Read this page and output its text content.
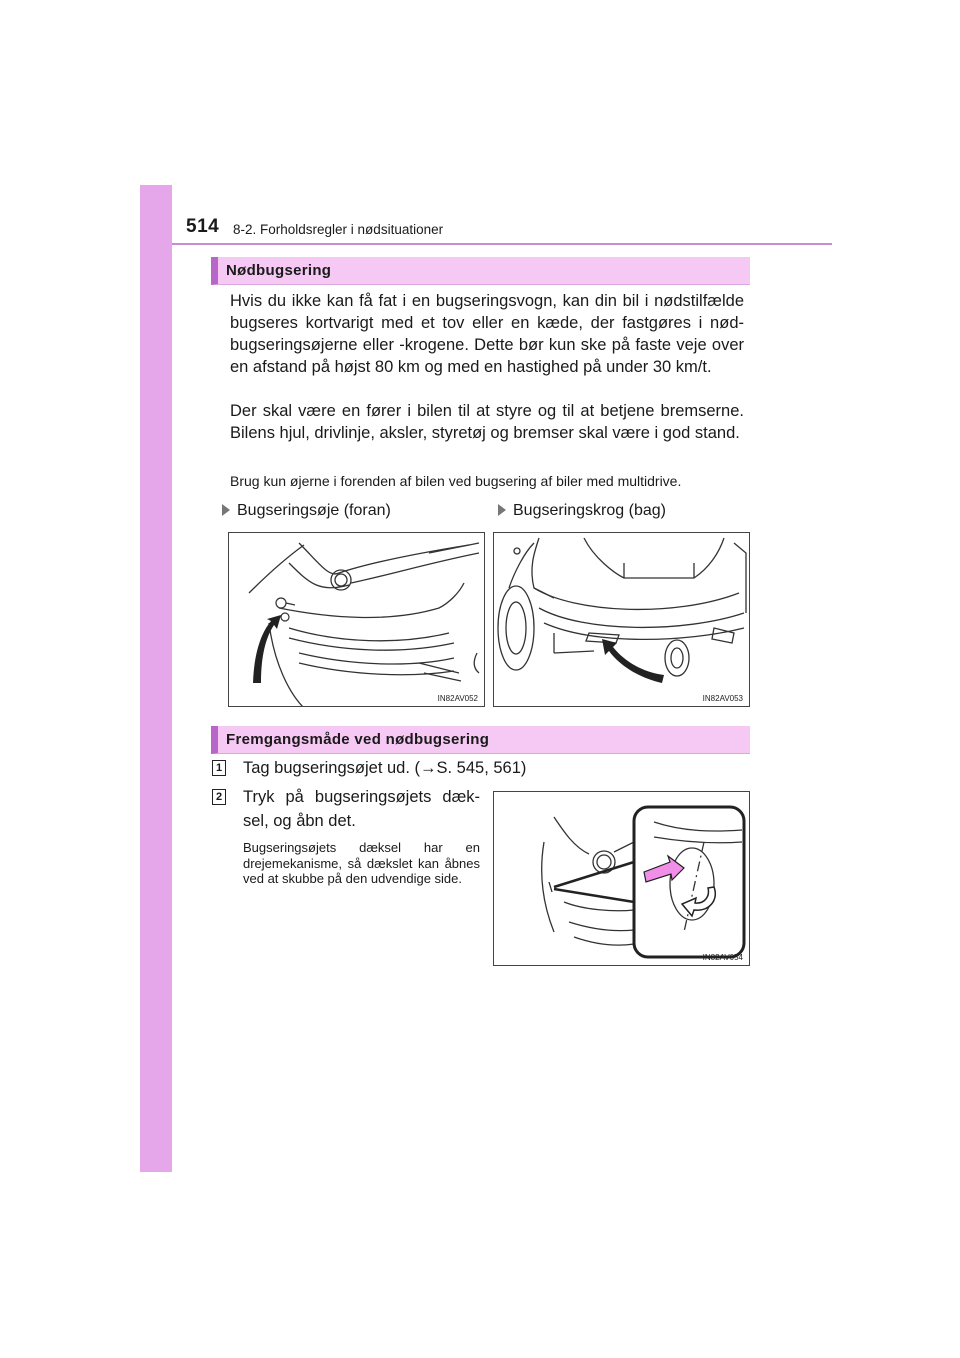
514 8-2. Forholdsregler i nødsituationer
Nødbugsering

Hvis du ikke kan få fat i en bugseringsvogn, kan din bil i nødstilfælde bugseres kortvarigt med et tov eller en kæde, der fastgøres i nød-bugseringsøjerne eller -krogene. Dette bør kun ske på faste veje over en afstand på højst 80 km og med en hastighed på under 30 km/t.

Der skal være en fører i bilen til at styre og til at betjene bremserne. Bilens hjul, drivlinje, aksler, styretøj og bremser skal være i god stand.

Brug kun øjerne i forenden af bilen ved bugsering af biler med multidrive.

Bugseringsøje (foran)	Bugseringskrog (bag)
IN82AV052	IN82AV053
Fremgangsmåde ved nødbugsering
1 Tag bugseringsøjet ud. (→S. 545, 561)

2 Tryk på bugseringsøjets dæk-

sel, og åbn det.

Bugseringsøjets dæksel har en drejemekanisme, så dækslet kan åbnes ved at skubbe på den udvendige side.

IN82AV054
